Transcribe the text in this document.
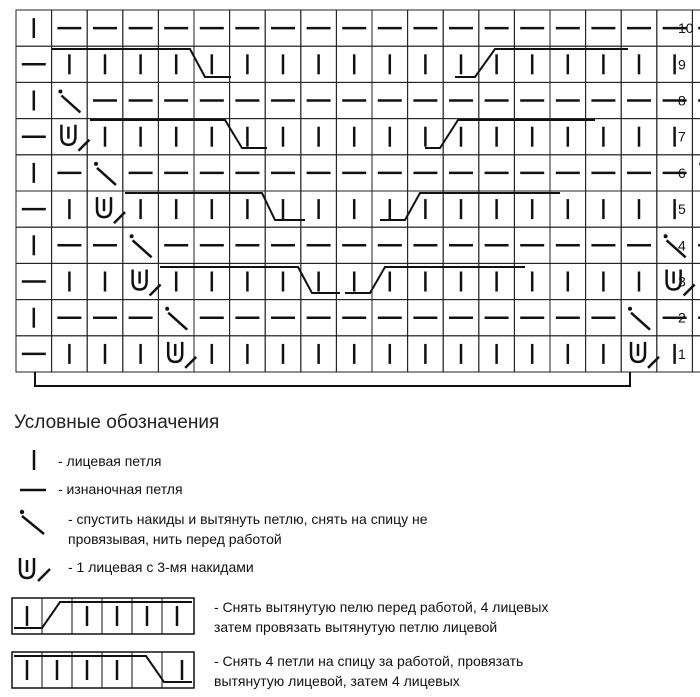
10
9
8
7
6
5
4
3
2
1
Условные обозначения
- лицевая петля
- изнаночная петля
- спустить накиды и вытянуть петлю, снять на спицу не
провязывая, нить перед работой
- 1 лицевая с 3-мя накидами
- Снять вытянутую пелю перед работой, 4 лицевых
затем провязать вытянутую петлю лицевой
- Снять 4 петли на спицу за работой, провязать
вытянутую лицевой, затем 4 лицевых
